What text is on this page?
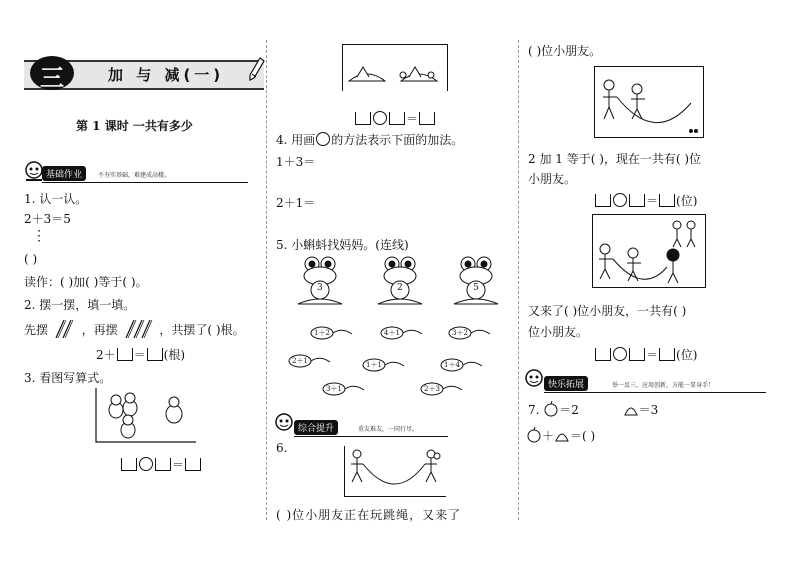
三	加 与 减(一)
第 1 课时 一共有多少
基础作业	不夯实基础，难建成高楼。
1. 认一认。
2＋3＝5
⋮
( )
读作：( )加( )等于( )。
2. 摆一摆，填一填。
先摆	，再摆	，共摆了( )根。
2＋ ＝ (根)
3. 看图写算式。
＝
＝
4. 用画 的方法表示下面的加法。
1＋3＝
2＋1＝
5. 小蝌蚪找妈妈。(连线)
3	2	5
1＋2	4＋1	3＋2
2＋1	1＋1	1＋4
3＋1	2＋3
综合提升	重友难友，一同行尽。
6.
( )位小朋友正在玩跳绳，又来了
( )位小朋友。
2 加 1 等于( )，现在一共有( )位
小朋友。
＝ (位)
又来了( )位小朋友，一共有( )
位小朋友。
＝ (位)
快乐拓展	举一反三，应用创新，方能一显身手！
7. ＝2	＝3
＋ ＝( )
